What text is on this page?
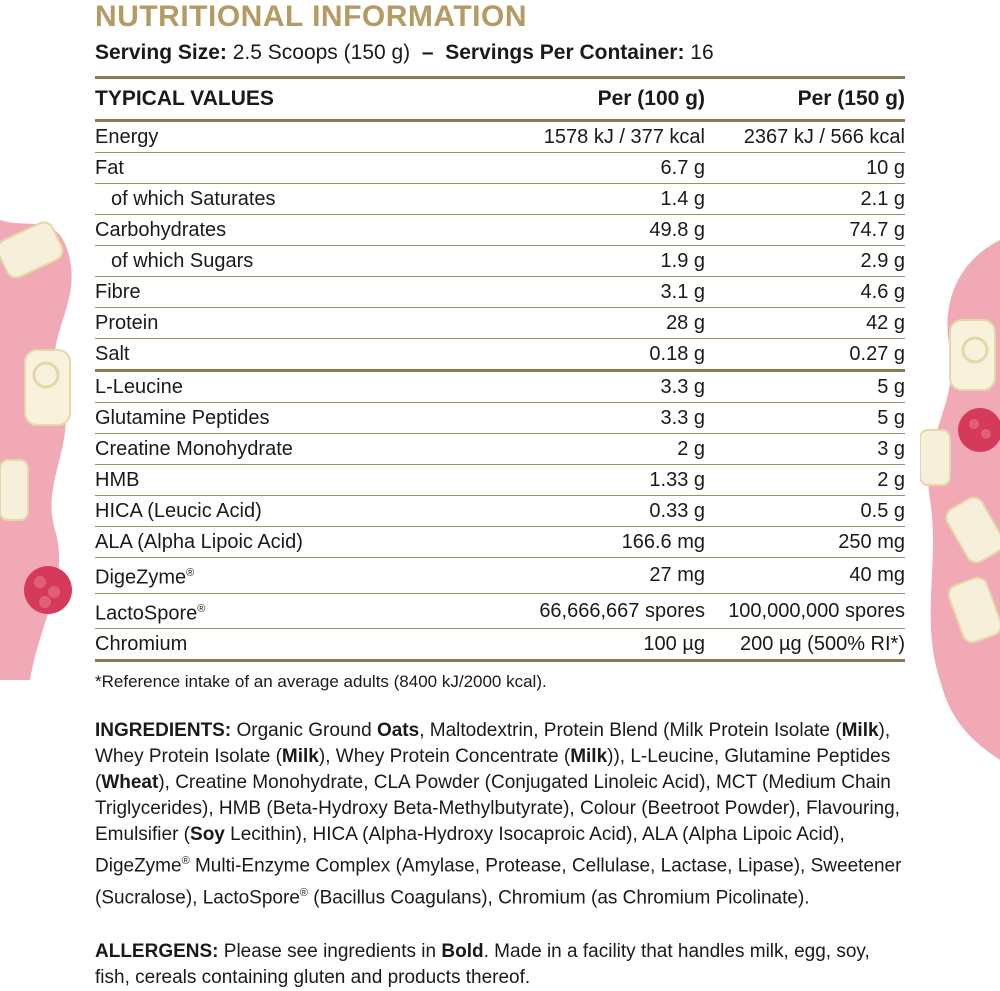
NUTRITIONAL INFORMATION
Serving Size: 2.5 Scoops (150 g) – Servings Per Container: 16
TYPICAL VALUES	Per (100 g)	Per (150 g)
Energy	1578 kJ / 377 kcal	2367 kJ / 566 kcal
Fat	6.7 g	10 g
of which Saturates	1.4 g	2.1 g
Carbohydrates	49.8 g	74.7 g
of which Sugars	1.9 g	2.9 g
Fibre	3.1 g	4.6 g
Protein	28 g	42 g
Salt	0.18 g	0.27 g
L-Leucine	3.3 g	5 g
Glutamine Peptides	3.3 g	5 g
Creatine Monohydrate	2 g	3 g
HMB	1.33 g	2 g
HICA (Leucic Acid)	0.33 g	0.5 g
ALA (Alpha Lipoic Acid)	166.6 mg	250 mg
DigeZyme®	27 mg	40 mg
LactoSpore®	66,666,667 spores	100,000,000 spores
Chromium	100 µg	200 µg (500% RI*)
*Reference intake of an average adults (8400 kJ/2000 kcal).
INGREDIENTS: Organic Ground Oats, Maltodextrin, Protein Blend (Milk Protein Isolate (Milk), Whey Protein Isolate (Milk), Whey Protein Concentrate (Milk)), L-Leucine, Glutamine Peptides (Wheat), Creatine Monohydrate, CLA Powder (Conjugated Linoleic Acid), MCT (Medium Chain Triglycerides), HMB (Beta-Hydroxy Beta-Methylbutyrate), Colour (Beetroot Powder), Flavouring, Emulsifier (Soy Lecithin), HICA (Alpha-Hydroxy Isocaproic Acid), ALA (Alpha Lipoic Acid), DigeZyme® Multi-Enzyme Complex (Amylase, Protease, Cellulase, Lactase, Lipase), Sweetener (Sucralose), LactoSpore® (Bacillus Coagulans), Chromium (as Chromium Picolinate).
ALLERGENS: Please see ingredients in Bold. Made in a facility that handles milk, egg, soy, fish, cereals containing gluten and products thereof.
